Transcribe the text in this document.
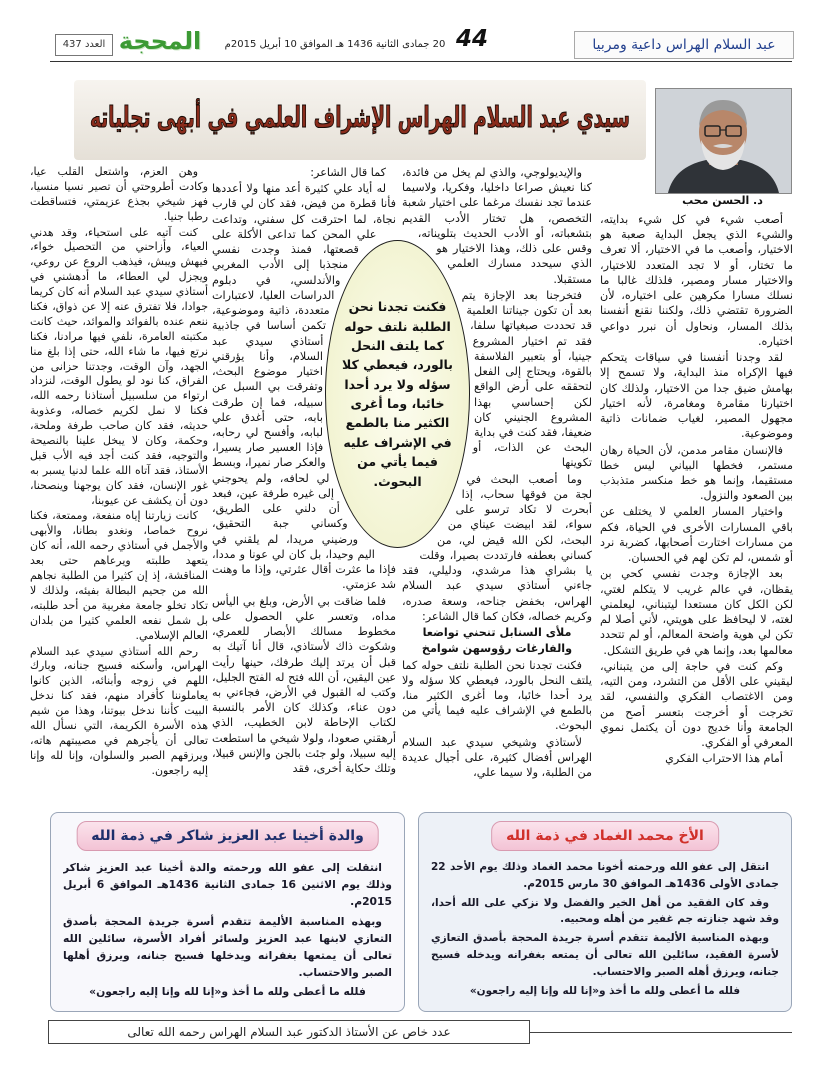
العدد 437 المحجة	20 جمادى الثانية 1436 هـ الموافق 10 أبريل 2015م 44	عبد السلام الهراس داعية ومربيا
سيدي عبد السلام الهراس الإشراف العلمي في أبهى تجلياته
د. الحسن محب

أصعب شيء في كل شيء بدايته، والشيء الذي يجعل البداية صعبة هو الاختيار، وأصعب ما في الاختيار، ألا تعرف ما تختار، أو لا تجد المتعدد للاختيار، والاختيار مسار ومصير، فلذلك غالبا ما نسلك مسارا مكرهين على اختياره، لأن الضرورة تقتضي ذلك، ولكننا نقنع أنفسنا بذلك المسار، ونحاول أن نبرر دواعي اختياره.

لقد وجدنا أنفسنا في سياقات يتحكم فيها الإكراه منذ البداية، ولا تسمح إلا بهامش ضيق جدا من الاختيار، ولذلك كان اختيارنا مقامرة ومغامرة، لأنه اختيار مجهول المصير، لغياب ضمانات ذاتية وموضوعية.

فالإنسان مقامر مدمن، لأن الحياة رهان مستمر، فخطها البياني ليس خطا مستقيما، وإنما هو خط منكسر متذبذب بين الصعود والنزول.

واختيار المسار العلمي لا يختلف عن باقي المسارات الأخرى في الحياة، فكم من مسارات اختارت أصحابها، كضربة نرد أو شمس، لم تكن لهم في الحسبان.

بعد الإجازة وجدت نفسي كحي بن يقظان، في عالم غريب لا يتكلم لغتي، لكن الكل كان مستعدا ليتبناني، ليعلمني لغته، لا ليحافظ على هويتي، لأني أصلا لم تكن لي هوية واضحة المعالم، أو لم تتحدد معالمها بعد، وإنما هي في طريق التشكل.

وكم كنت في حاجة إلى من يتبناني، ليقيني على الأقل من التشرد، ومن التيه، ومن الاغتصاب الفكري والنفسي، لقد تخرجت أو أخرجت بتعسر أصح من الجامعة وأنا خديج دون أن يكتمل نموي المعرفي أو الفكري.

أمام هذا الاحتراب الفكري

والإيديولوجي، والذي لم يخل من فائدة، كنا نعيش صراعا داخليا، وفكريا، ولاسيما عندما تجد نفسك مرغما على اختيار شعبة التخصص، هل تختار الأدب القديم بتشعباته، أو الأدب الحديث بتلويناته، وقس على ذلك، وهذا الاختيار هو الذي سيحدد مسارك العلمي مستقبلا.

فتخرجنا بعد الإجازة يتم بعد أن تكون جيناتنا العلمية قد تحددت صبغياتها سلفا، فقد تم اختيار المشروع جينيا، أو بتعبير الفلاسفة بالقوة، ويحتاج إلى الفعل لتحققه على أرض الواقع لكن إحساسي بهذا المشروع الجنيني كان ضعيفا، فقد كنت في بداية البحث عن الذات، أو تكوينها

وما أصعب البحث في لجة من فوقها سحاب، إذا أبحرت لا تكاد ترسو على سواء، لقد ابيضت عيناي من البحث، لكن الله قيض لي، من كساني بعطفه فارتددت بصيرا، وقلت يا بشراي هذا مرشدي، ودليلي، فقد جاءني أستاذي سيدي عبد السلام الهراس، بخفض جناحه، وسعة صدره، وكريم خصاله، فكان كما قال الشاعر:

ملأى السنابل تنحني تواضعا

والفارغات رؤوسهن شوامخ

فكنت تجدنا نحن الطلبة نلتف حوله كما يلتف النحل بالورد، فيعطي كلا سؤله ولا يرد أحدا خائبا، وما أغرى الكثير منا، بالطمع في الإشراف عليه فيما يأتي من البحوث.

لأستاذي وشيخي سيدي عبد السلام الهراس أفضال كثيرة، على أجيال عديدة من الطلبة، ولا سيما علي،

كما قال الشاعر:

له أياد علي كثيرة أعد منها ولا أعددها فأنا قطرة من فيض، فقد كان لي قارب نجاة، لما احترقت كل سفني، وتداعت علي المحن كما تداعى الأكلة على قصعتها، فمنذ وجدت نفسي منجذبا إلى الأدب المغربي والأندلسي، في دبلوم الدراسات العليا، لاعتبارات متعددة، ذاتية وموضوعية، تكمن أساسا في جاذبية أستاذي سيدي عبد السلام، وأنا يؤرقني اختيار موضوع البحث، وتفرقت بي السبل عن سبيله، فما إن طرقت بابه، حتى أغدق علي لبابه، وأفسح لي رحابه، فإذا العسير صار يسيرا، والعكر صار نميرا، وبسط لي لحافه، ولم يحوجني إلى غيره طرفة عين، فبعد أن دلني على الطريق، وكساني جبة التحقيق، ورضيني مريدا، لم يلقني في اليم وحيدا، بل كان لي عونا و مددا، فإذا ما عثرت أقال عثرتي، وإذا ما وهنت شد عزمتي.

فلما ضاقت بي الأرض، وبلغ بي اليأس مداه، وتعسر علي الحصول على مخطوط مسالك الأبصار للعمري، وشكوت ذاك لأستاذي، قال أنا آتيك به قبل أن يرتد إليك طرفك، حينها رأيت عين اليقين، أن الله فتح له الفتح الجليل، وكتب له القبول في الأرض، فجاءني به دون عناء، وكذلك كان الأمر بالنسبة لكتاب الإحاطة لابن الخطيب، الذي أرهقني صعودا، ولولا شيخي ما استطعت إليه سبيلا، ولو جئت بالجن والإنس قبيلا، وتلك حكاية أخرى، فقد

وهن العزم، واشتعل القلب عيا، وكادت أطروحتي أن تصير نسيا منسيا، فهز شيخي بجذع عزيمتي، فتساقطت رطبا جنيا.

كنت آتيه على استحياء، وقد هدني العياء، وأزاحني من التحصيل خواء، فيهش ويبش، فيذهب الروع عن روعي، ويجزل لي العطاء، ما أدهشني في أستاذي سيدي عبد السلام أنه كان كريما جوادا، فلا تفترق عنه إلا عن ذواق، فكنا ننعم عنده بالفوائد والموائد، حيث كانت مكتبته العامرة، نلفي فيها مرادنا، فكنا نرتع فيها، ما شاء الله، حتى إذا بلغ منا الجهد، وآن الوقت، وجدتنا حزانى من الفراق، كنا نود لو يطول الوقت، لنزداد ارتواء من سلسبيل أستاذنا رحمه الله، فكنا لا نمل لكريم خصاله، وعذوبة حديثه، فقد كان صاحب طرفة وملحة، وحكمة، وكان لا يبخل علينا بالنصيحة والتوجيه، فقد كنت أجد فيه الأب قبل الأستاذ، فقد آتاه الله علما لدنيا يسبر به غور الإنسان، فقد كان يوجهنا وينصحنا، دون أن يكشف عن عيوبنا،

كانت زيارتنا إياه منفعة، وممتعة، فكنا نروح خماصا، ونغدو بطانا، والأبهى والأجمل في أستاذي رحمه الله، أنه كان يتعهد طلبته ويرعاهم حتى بعد المناقشة، إذ إن كثيرا من الطلبة نجاهم الله من جحيم البطالة بفيئه، ولذلك لا تكاد تخلو جامعة مغربية من أحد طلبته، بل شمل نفعه العلمي كثيرا من بلدان العالم الإسلامي.

رحم الله أستاذي سيدي عبد السلام الهراس، وأسكنه فسيح جنانه، وبارك اللهم في زوجه وأبنائه، الذين كانوا يعاملوننا كأفراد منهم، فقد كنا ندخل البيت كأننا ندخل بيوتنا، وهذا من شيم هذه الأسرة الكريمة، التي نسأل الله تعالى أن يأجرهم في مصيبتهم هاته، ويرزقهم الصبر والسلوان، وإنا لله وإنا إليه راجعون.

فكنت تجدنا نحن الطلبة نلتف حوله كما يلتف النحل بالورد، فيعطي كلا سؤله ولا يرد أحدا خائبا، وما أغرى الكثير منا بالطمع في الإشراف عليه فيما يأتي من البحوث.
الأخ محمد الغماد في ذمة الله

انتقل إلى عفو الله ورحمته أخونا محمد الغماد وذلك يوم الأحد 22 جمادى الأولى 1436هـ الموافق 30 مارس 2015م.

وقد كان الفقيد من أهل الخير والفضل ولا نزكي على الله أحدا، وقد شهد جنازته جم غفير من أهله ومحبيه.

وبهذه المناسبة الأليمة تتقدم أسرة جريدة المحجة بأصدق التعازي لأسرة الفقيد، سائلين الله تعالى أن يمتعه بغفرانه ويدخله فسيح جنانه، ويرزق أهله الصبر والاحتساب.

فلله ما أعطى ولله ما أخذ و«إنا لله وإنا إليه راجعون»

والدة أخينا عبد العزيز شاكر في ذمة الله

انتقلت إلى عفو الله ورحمته والدة أخينا عبد العزيز شاكر وذلك يوم الاثنين 16 جمادى الثانية 1436هـ الموافق 6 أبريل 2015م.

وبهذه المناسبة الأليمة تتقدم أسرة جريدة المحجة بأصدق التعازي لابنها عبد العزيز ولسائر أفراد الأسرة، سائلين الله تعالى أن يمتعها بغفرانه ويدخلها فسيح جنانه، ويرزق أهلها الصبر والاحتساب.

فلله ما أعطى ولله ما أخذ و«إنا لله وإنا إليه راجعون»

عدد خاص عن الأستاذ الدكتور عبد السلام الهراس رحمه الله تعالى
